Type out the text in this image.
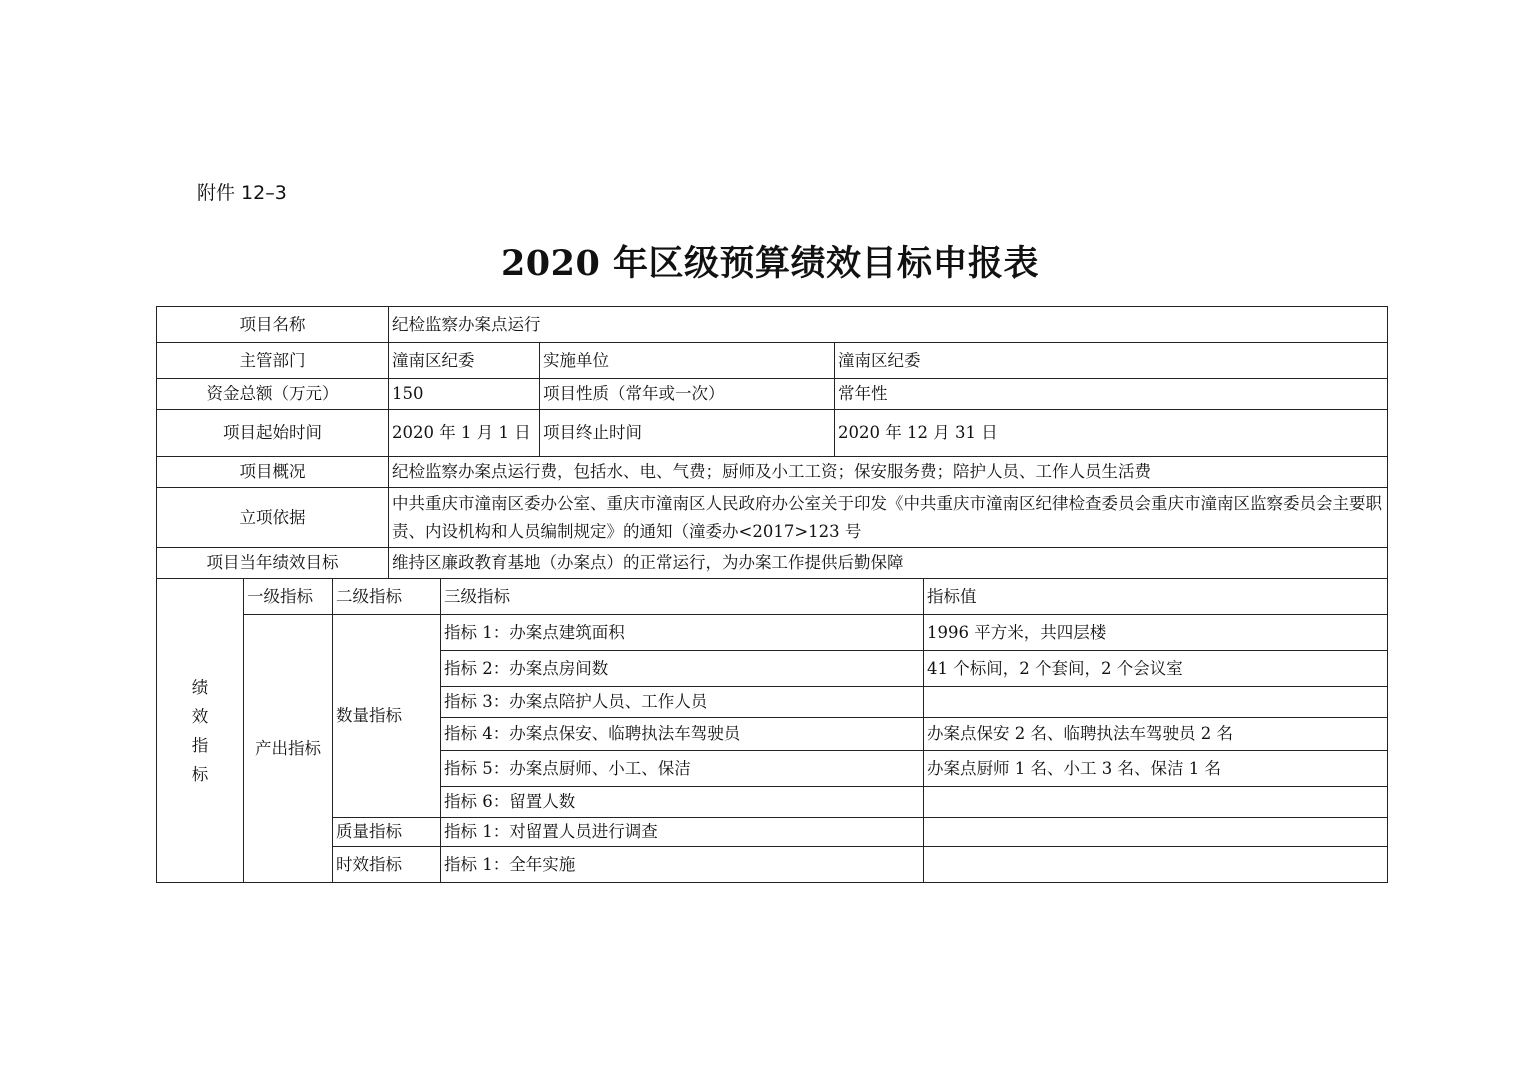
附件 12–3
2020 年区级预算绩效目标申报表
项目名称			纪检监察办案点运行				
主管部门			潼南区纪委		实施单位	潼南区纪委	
资金总额（万元）			150		项目性质（常年或一次）	常年性	
项目起始时间			2020 年 1 月 1 日		项目终止时间	2020 年 12 月 31 日	
项目概况			纪检监察办案点运行费，包括水、电、气费；厨师及小工工资；保安服务费；陪护人员、工作人员生活费				
立项依据			中共重庆市潼南区委办公室、重庆市潼南区人民政府办公室关于印发《中共重庆市潼南区纪律检查委员会重庆市潼南区监察委员会主要职责、内设机构和人员编制规定》的通知（潼委办<2017>123 号				
项目当年绩效目标			维持区廉政教育基地（办案点）的正常运行，为办案工作提供后勤保障				
绩效指标	一级指标	二级指标		三级指标			指标值
	产出指标	数量指标		指标 1：办案点建筑面积			1996 平方米，共四层楼
				指标 2：办案点房间数			41 个标间，2 个套间，2 个会议室
				指标 3：办案点陪护人员、工作人员			
				指标 4：办案点保安、临聘执法车驾驶员			办案点保安 2 名、临聘执法车驾驶员 2 名
				指标 5：办案点厨师、小工、保洁			办案点厨师 1 名、小工 3 名、保洁 1 名
				指标 6：留置人数			
		质量指标		指标 1：对留置人员进行调查			
		时效指标		指标 1：全年实施			
